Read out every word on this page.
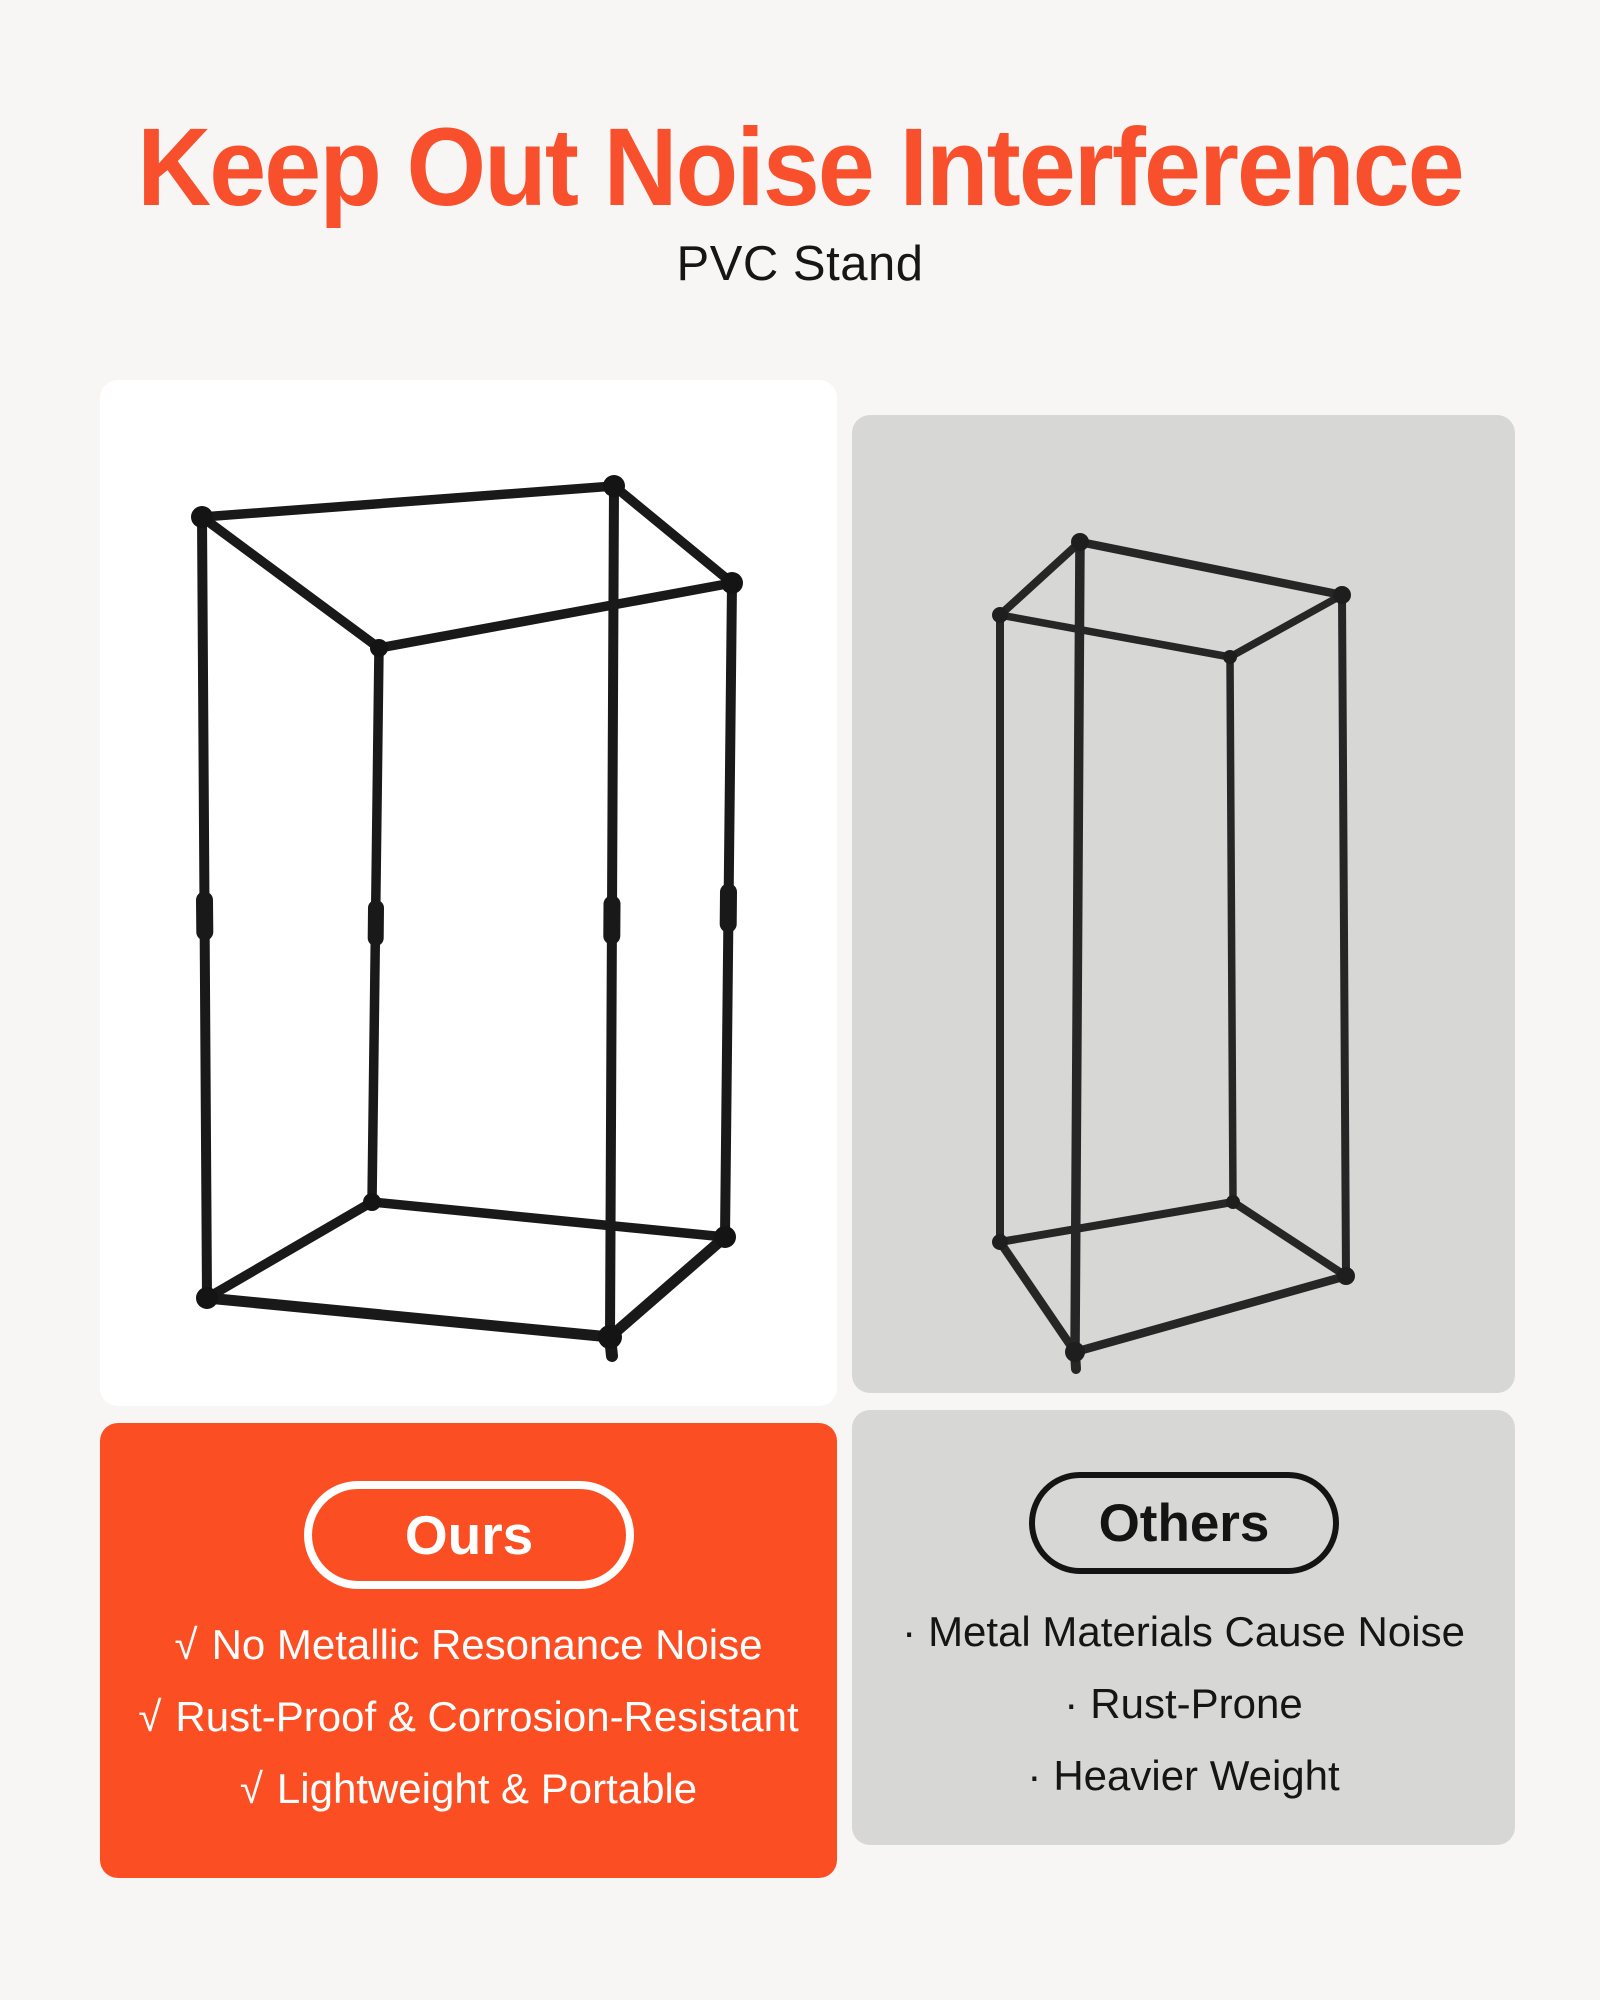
Keep Out Noise Interference

PVC Stand

Ours
√ No Metallic Resonance Noise
√ Rust-Proof & Corrosion-Resistant
√ Lightweight & Portable
Others
· Metal Materials Cause Noise
· Rust-Prone
· Heavier Weight
